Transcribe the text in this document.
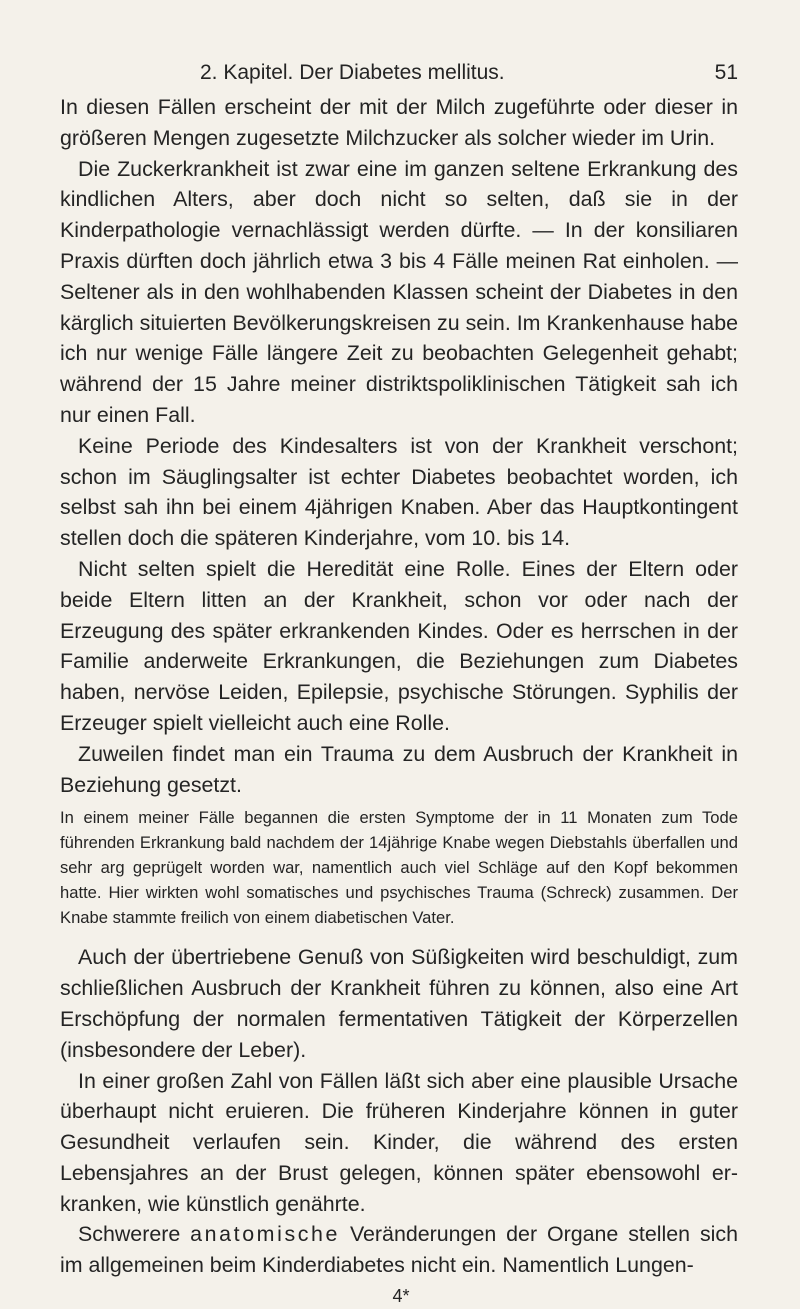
2. Kapitel. Der Diabetes mellitus.	51

In diesen Fällen erscheint der mit der Milch zugeführte oder dieser in größeren Mengen zugesetzte Milchzucker als solcher wieder im Urin.

Die Zuckerkrankheit ist zwar eine im ganzen seltene Erkrankung des kindlichen Alters, aber doch nicht so selten, daß sie in der Kinderpathologie vernachlässigt werden dürfte. — In der konsiliaren Praxis dürften doch jährlich etwa 3 bis 4 Fälle meinen Rat einholen. — Seltener als in den wohlhabenden Klassen scheint der Diabetes in den kärglich situierten Bevölkerungskreisen zu sein. Im Krankenhause habe ich nur wenige Fälle längere Zeit zu beobachten Gelegenheit gehabt; während der 15 Jahre meiner distriktspoliklinischen Tätigkeit sah ich nur einen Fall.

Keine Periode des Kindesalters ist von der Krankheit verschont; schon im Säuglingsalter ist echter Diabetes beobachtet worden, ich selbst sah ihn bei einem 4jährigen Knaben. Aber das Hauptkontingent stellen doch die späteren Kinderjahre, vom 10. bis 14.

Nicht selten spielt die Heredität eine Rolle. Eines der Eltern oder beide Eltern litten an der Krankheit, schon vor oder nach der Erzeugung des später erkrankenden Kindes. Oder es herrschen in der Familie anderweite Erkrankungen, die Beziehungen zum Diabetes haben, nervöse Leiden, Epilepsie, psychische Störungen. Syphilis der Erzeuger spielt vielleicht auch eine Rolle.

Zuweilen findet man ein Trauma zu dem Ausbruch der Krankheit in Beziehung gesetzt.

In einem meiner Fälle begannen die ersten Symptome der in 11 Monaten zum Tode führenden Erkrankung bald nachdem der 14jährige Knabe wegen Diebstahls überfallen und sehr arg geprügelt worden war, namentlich auch viel Schläge auf den Kopf bekommen hatte. Hier wirkten wohl somatisches und psychisches Trauma (Schreck) zusammen. Der Knabe stammte freilich von einem diabetischen Vater.

Auch der übertriebene Genuß von Süßigkeiten wird beschuldigt, zum schließlichen Ausbruch der Krankheit führen zu können, also eine Art Erschöpfung der normalen fermentativen Tätigkeit der Körperzellen (insbesondere der Leber).

In einer großen Zahl von Fällen läßt sich aber eine plausible Ursache überhaupt nicht eruieren. Die früheren Kinderjahre können in guter Gesundheit verlaufen sein. Kinder, die während des ersten Lebensjahres an der Brust gelegen, können später ebensowohl erkranken, wie künstlich genährte.

Schwerere anatomische Veränderungen der Organe stellen sich im allgemeinen beim Kinderdiabetes nicht ein. Namentlich Lungen-

4*
